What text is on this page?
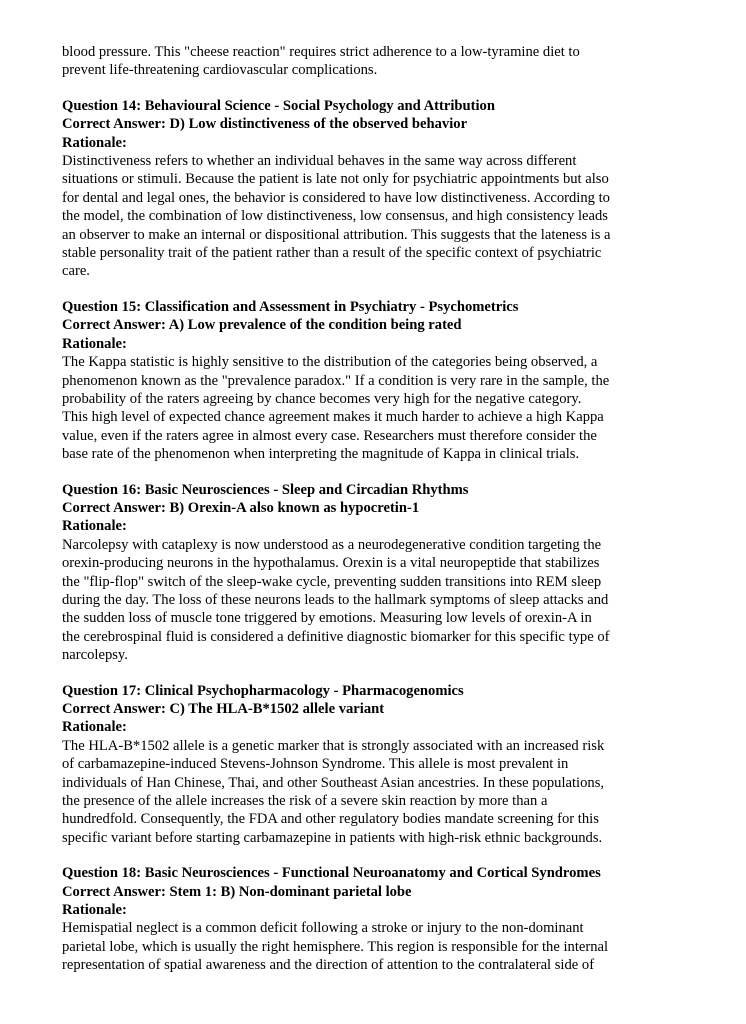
blood pressure. This "cheese reaction" requires strict adherence to a low-tyramine diet to
prevent life-threatening cardiovascular complications.
Question 14: Behavioural Science - Social Psychology and Attribution
Correct Answer: D) Low distinctiveness of the observed behavior
Rationale:
Distinctiveness refers to whether an individual behaves in the same way across different
situations or stimuli. Because the patient is late not only for psychiatric appointments but also
for dental and legal ones, the behavior is considered to have low distinctiveness. According to
the model, the combination of low distinctiveness, low consensus, and high consistency leads
an observer to make an internal or dispositional attribution. This suggests that the lateness is a
stable personality trait of the patient rather than a result of the specific context of psychiatric
care.
Question 15: Classification and Assessment in Psychiatry - Psychometrics
Correct Answer: A) Low prevalence of the condition being rated
Rationale:
The Kappa statistic is highly sensitive to the distribution of the categories being observed, a
phenomenon known as the "prevalence paradox." If a condition is very rare in the sample, the
probability of the raters agreeing by chance becomes very high for the negative category.
This high level of expected chance agreement makes it much harder to achieve a high Kappa
value, even if the raters agree in almost every case. Researchers must therefore consider the
base rate of the phenomenon when interpreting the magnitude of Kappa in clinical trials.
Question 16: Basic Neurosciences - Sleep and Circadian Rhythms
Correct Answer: B) Orexin-A also known as hypocretin-1
Rationale:
Narcolepsy with cataplexy is now understood as a neurodegenerative condition targeting the
orexin-producing neurons in the hypothalamus. Orexin is a vital neuropeptide that stabilizes
the "flip-flop" switch of the sleep-wake cycle, preventing sudden transitions into REM sleep
during the day. The loss of these neurons leads to the hallmark symptoms of sleep attacks and
the sudden loss of muscle tone triggered by emotions. Measuring low levels of orexin-A in
the cerebrospinal fluid is considered a definitive diagnostic biomarker for this specific type of
narcolepsy.
Question 17: Clinical Psychopharmacology - Pharmacogenomics
Correct Answer: C) The HLA-B*1502 allele variant
Rationale:
The HLA-B*1502 allele is a genetic marker that is strongly associated with an increased risk
of carbamazepine-induced Stevens-Johnson Syndrome. This allele is most prevalent in
individuals of Han Chinese, Thai, and other Southeast Asian ancestries. In these populations,
the presence of the allele increases the risk of a severe skin reaction by more than a
hundredfold. Consequently, the FDA and other regulatory bodies mandate screening for this
specific variant before starting carbamazepine in patients with high-risk ethnic backgrounds.
Question 18: Basic Neurosciences - Functional Neuroanatomy and Cortical Syndromes
Correct Answer: Stem 1: B) Non-dominant parietal lobe
Rationale:
Hemispatial neglect is a common deficit following a stroke or injury to the non-dominant
parietal lobe, which is usually the right hemisphere. This region is responsible for the internal
representation of spatial awareness and the direction of attention to the contralateral side of
